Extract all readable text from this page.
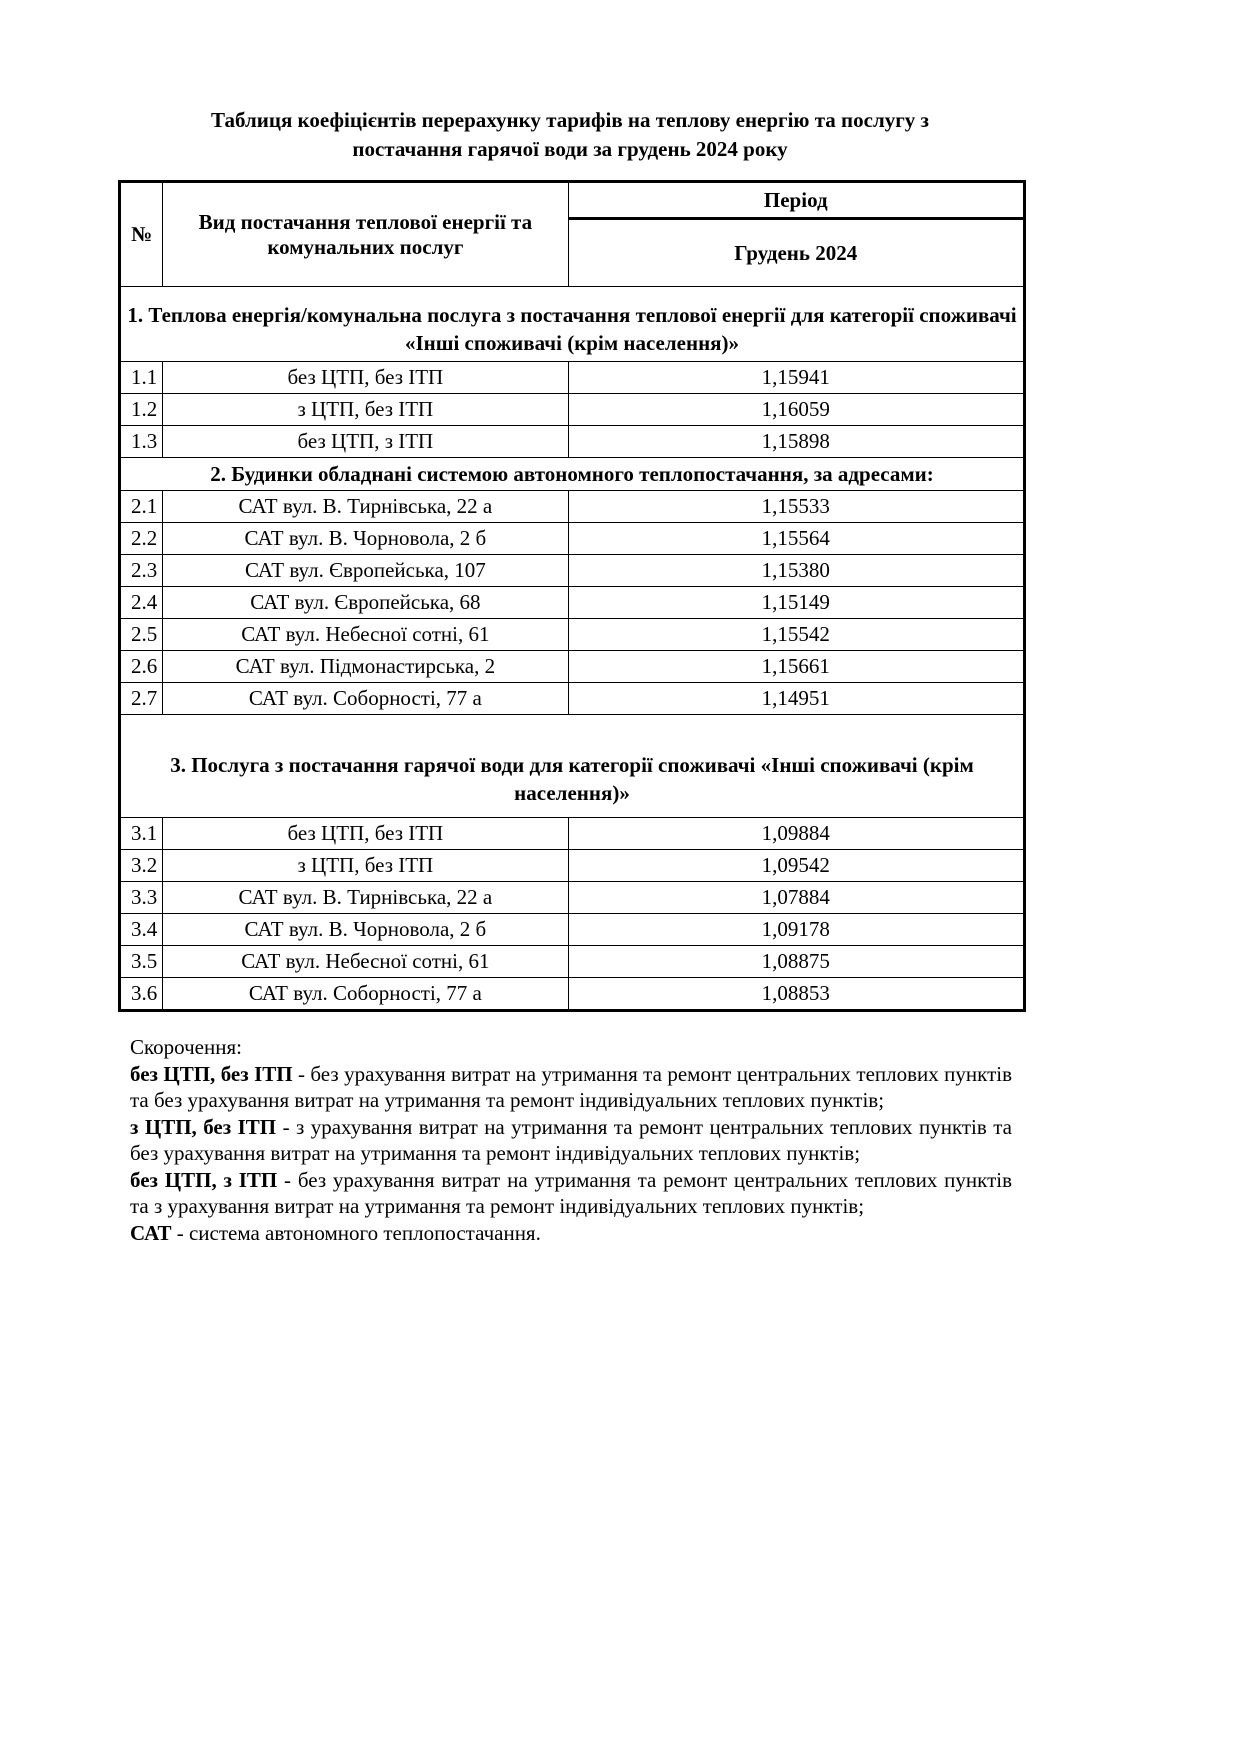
Таблиця коефіцієнтів перерахунку тарифів на теплову енергію та послугу з
постачання гарячої води за грудень 2024 року
№	Вид постачання теплової енергії та комунальних послуг	Період
		Грудень 2024
1. Теплова енергія/комунальна послуга з постачання теплової енергії для категорії споживачі «Інші споживачі (крім населення)»		
1.1	без ЦТП, без ІТП	1,15941
1.2	з ЦТП, без ІТП	1,16059
1.3	без ЦТП, з ІТП	1,15898
2. Будинки обладнані системою автономного теплопостачання, за адресами:		
2.1	САТ вул. В. Тирнівська, 22 а	1,15533
2.2	САТ вул. В. Чорновола, 2 б	1,15564
2.3	САТ вул. Європейська, 107	1,15380
2.4	САТ вул. Європейська, 68	1,15149
2.5	САТ вул. Небесної сотні, 61	1,15542
2.6	САТ вул. Підмонастирська, 2	1,15661
2.7	САТ вул. Соборності, 77 а	1,14951
3. Послуга з постачання гарячої води для категорії споживачі «Інші споживачі (крім населення)»		
3.1	без ЦТП, без ІТП	1,09884
3.2	з ЦТП, без ІТП	1,09542
3.3	САТ вул. В. Тирнівська, 22 а	1,07884
3.4	САТ вул. В. Чорновола, 2 б	1,09178
3.5	САТ вул. Небесної сотні, 61	1,08875
3.6	САТ вул. Соборності, 77 а	1,08853

Скорочення:

без ЦТП, без ІТП - без урахування витрат на утримання та ремонт центральних теплових пунктів та без урахування витрат на утримання та ремонт індивідуальних теплових пунктів;

з ЦТП, без ІТП - з урахування витрат на утримання та ремонт центральних теплових пунктів та без урахування витрат на утримання та ремонт індивідуальних теплових пунктів;

без ЦТП, з ІТП - без урахування витрат на утримання та ремонт центральних теплових пунктів та з урахування витрат на утримання та ремонт індивідуальних теплових пунктів;

САТ - система автономного теплопостачання.
